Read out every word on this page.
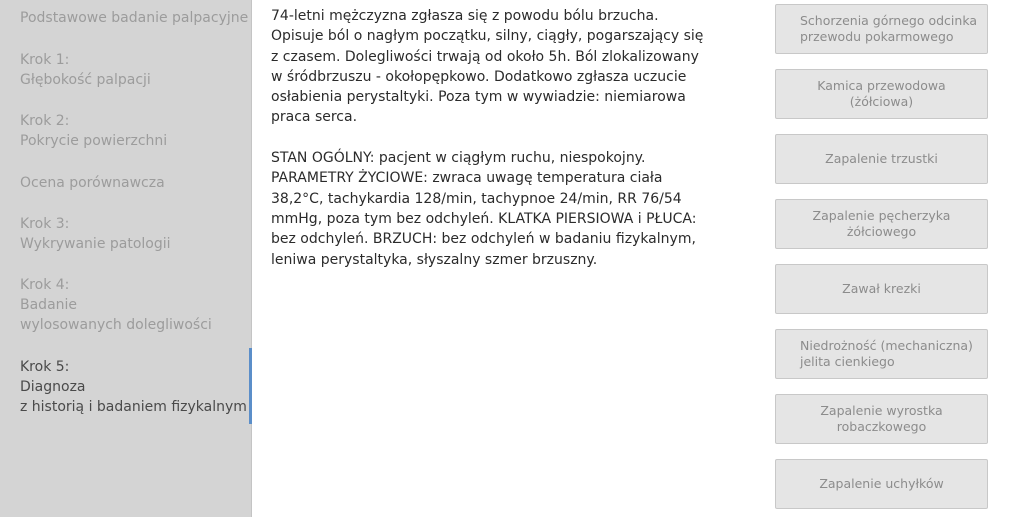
Podstawowe badanie palpacyjne
Krok 1:
Głębokość palpacji
Krok 2:
Pokrycie powierzchni
Ocena porównawcza
Krok 3:
Wykrywanie patologii
Krok 4:
Badanie
wylosowanych dolegliwości
Krok 5:
Diagnoza
z historią i badaniem fizykalnym

74-letni mężczyzna zgłasza się z powodu bólu brzucha. Opisuje ból o nagłym początku, silny, ciągły, pogarszający się z czasem. Dolegliwości trwają od około 5h. Ból zlokalizowany w śródbrzuszu - okołopępkowo. Dodatkowo zgłasza uczucie osłabienia perystaltyki. Poza tym w wywiadzie: niemiarowa praca serca.

STAN OGÓLNY: pacjent w ciągłym ruchu, niespokojny. PARAMETRY ŻYCIOWE: zwraca uwagę temperatura ciała 38,2°C, tachykardia 128/min, tachypnoe 24/min, RR 76/54 mmHg, poza tym bez odchyleń. KLATKA PIERSIOWA i PŁUCA: bez odchyleń. BRZUCH: bez odchyleń w badaniu fizykalnym, leniwa perystaltyka, słyszalny szmer brzuszny.

Schorzenia górnego odcinka przewodu pokarmowego
Kamica przewodowa (żółciowa)
Zapalenie trzustki
Zapalenie pęcherzyka żółciowego
Zawał krezki
Niedrożność (mechaniczna) jelita cienkiego
Zapalenie wyrostka robaczkowego
Zapalenie uchyłków
